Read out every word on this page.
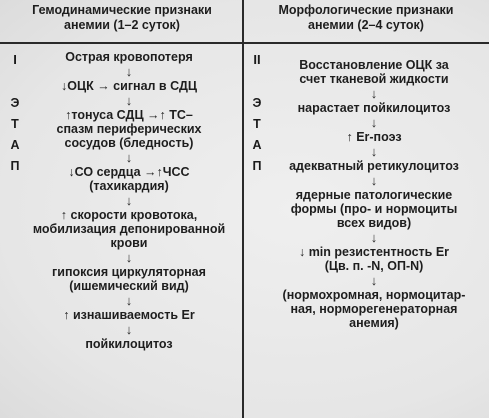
Гемодинамические признаки
анемии (1–2 суток)
Морфологические признаки
анемии (2–4 суток)
I
Э
Т
А
П
II
Э
Т
А
П
Острая кровопотеря
↓
↓ОЦК → сигнал в СДЦ
↓
↑тонуса СДЦ →↑ ТС–
спазм периферических
сосудов (бледность)
↓
↓СО сердца →↑ЧСС
(тахикардия)
↓
↑ скорости кровотока,
мобилизация депонированной
крови
↓
гипоксия циркуляторная
(ишемический вид)
↓
↑ изнашиваемость Er
↓
пойкилоцитоз
Восстановление ОЦК за
счет тканевой жидкости
↓
нарастает пойкилоцитоз
↓
↑ Er-поэз
↓
адекватный ретикулоцитоз
↓
ядерные патологические
формы (про- и нормоциты
всех видов)
↓
↓ min резистентность Er
(Цв. п. -N, ОП-N)
↓
(нормохромная, нормоцитар-
ная, норморегенераторная
анемия)
